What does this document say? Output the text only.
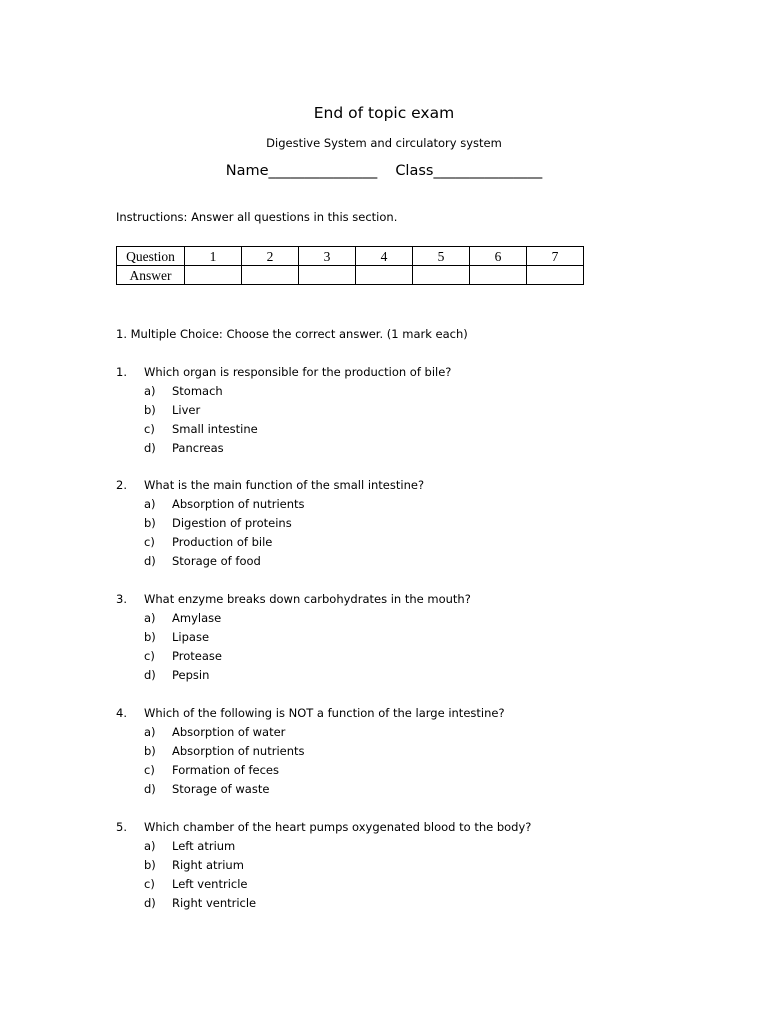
End of topic exam
Digestive System and circulatory system
Name_______________ Class_______________
Instructions: Answer all questions in this section.
Question	1	2	3	4	5	6	7
Answer							
1. Multiple Choice: Choose the correct answer. (1 mark each)
1. Which organ is responsible for the production of bile?
a) Stomach
b) Liver
c) Small intestine
d) Pancreas
2. What is the main function of the small intestine?
a) Absorption of nutrients
b) Digestion of proteins
c) Production of bile
d) Storage of food
3. What enzyme breaks down carbohydrates in the mouth?
a) Amylase
b) Lipase
c) Protease
d) Pepsin
4. Which of the following is NOT a function of the large intestine?
a) Absorption of water
b) Absorption of nutrients
c) Formation of feces
d) Storage of waste
5. Which chamber of the heart pumps oxygenated blood to the body?
a) Left atrium
b) Right atrium
c) Left ventricle
d) Right ventricle
